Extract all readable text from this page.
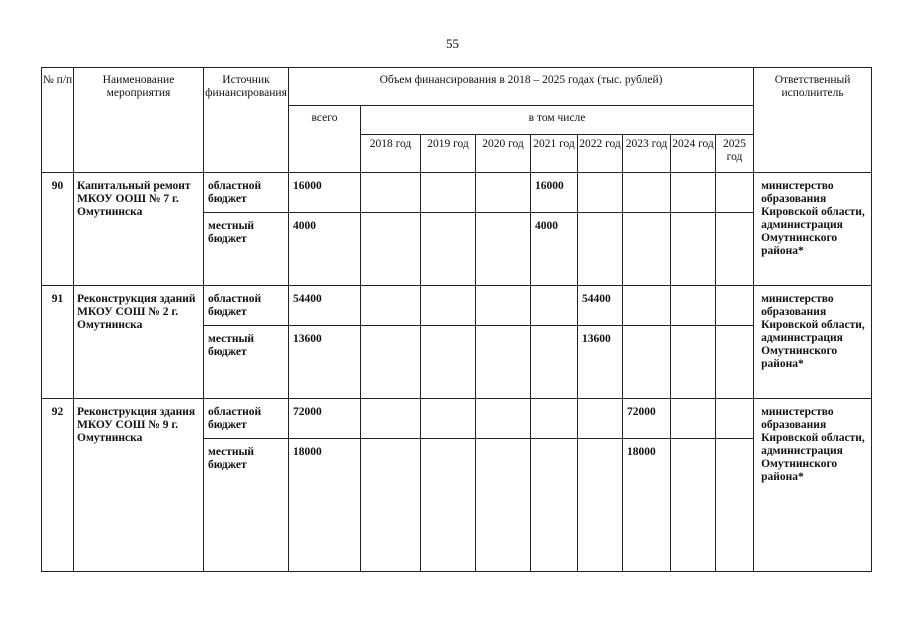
55
№ п/п	Наименование мероприятия	Источник финансирования	Объем финансирования в 2018 – 2025 годах (тыс. рублей)									Ответственный исполнитель
			всего	в том числе								
				2018 год	2019 год	2020 год	2021 год	2022 год	2023 год	2024 год	2025 год	
90	Капитальный ремонт МКОУ ООШ № 7 г. Омутнинска	областной бюджет	16000				16000					министерство образования Кировской области, администрация Омутнинского района*
		местный бюджет	4000				4000					
91	Реконструкция зданий МКОУ СОШ № 2 г. Омутнинска	областной бюджет	54400					54400				министерство образования Кировской области, администрация Омутнинского района*
		местный бюджет	13600					13600				
92	Реконструкция здания МКОУ СОШ № 9 г. Омутнинска	областной бюджет	72000						72000			министерство образования Кировской области, администрация Омутнинского района*
		местный бюджет	18000						18000			
